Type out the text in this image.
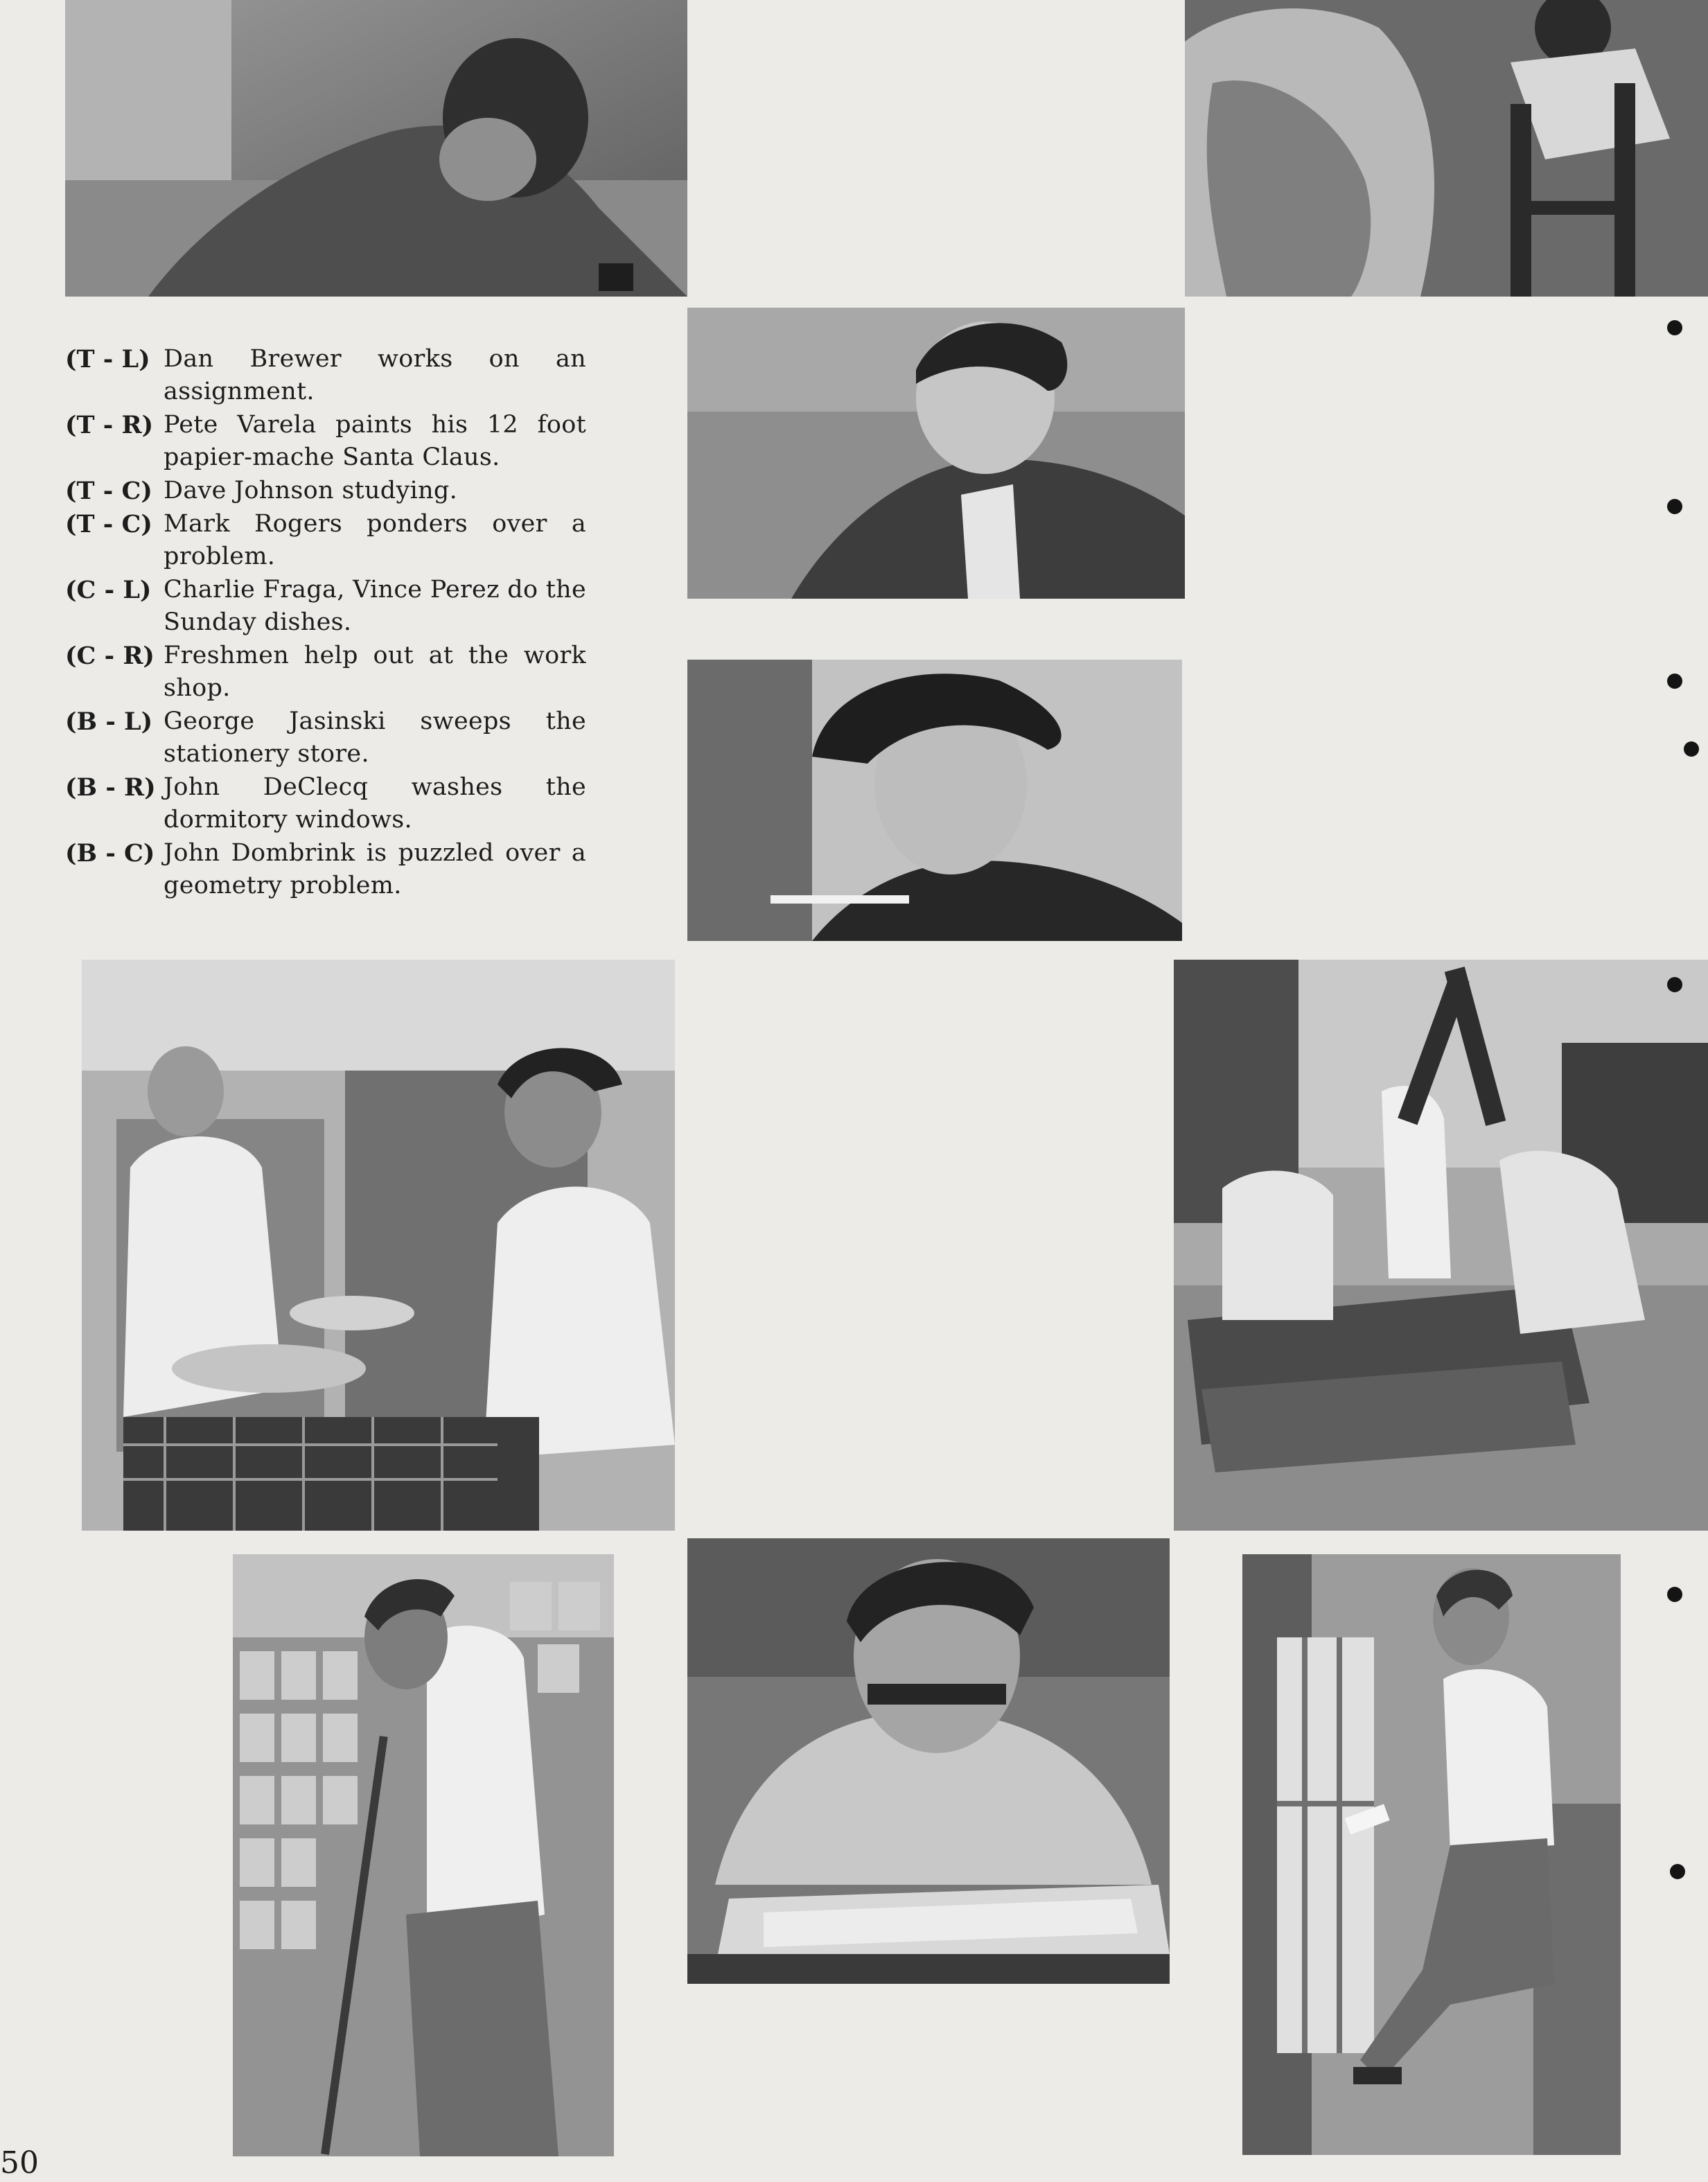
(T - L) Dan Brewer works on an assignment.
(T - R) Pete Varela paints his 12 foot papier-mache Santa Claus.
(T - C) Dave Johnson studying.
(T - C) Mark Rogers ponders over a problem.
(C - L) Charlie Fraga, Vince Perez do the Sunday dishes.
(C - R) Freshmen help out at the work shop.
(B - L) George Jasinski sweeps the stationery store.
(B - R) John DeClecq washes the dormitory windows.
(B - C) John Dombrink is puzzled over a geometry problem.
50
